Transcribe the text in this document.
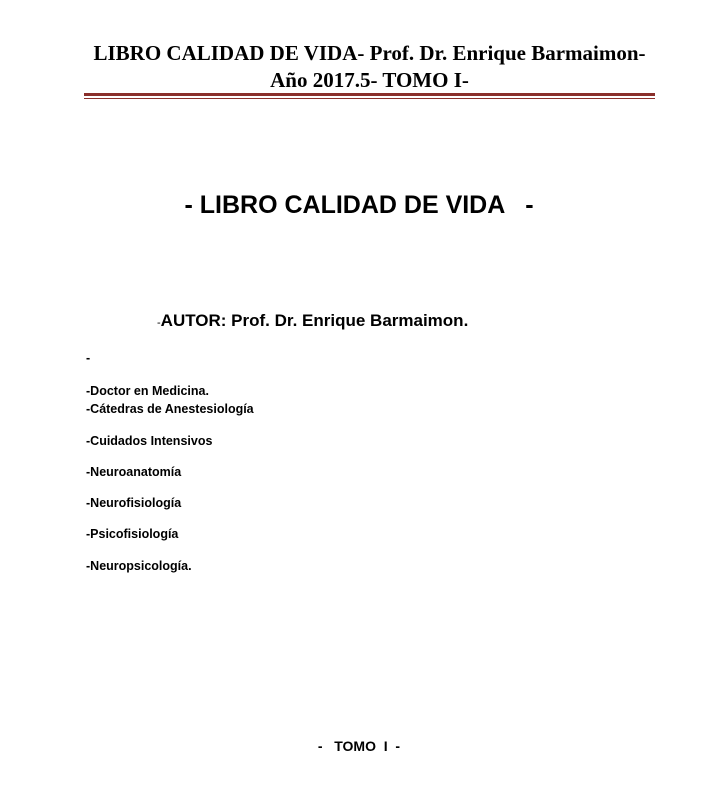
LIBRO CALIDAD DE VIDA- Prof. Dr. Enrique Barmaimon-
Año 2017.5- TOMO I-
- LIBRO CALIDAD DE VIDA   -
-AUTOR: Prof. Dr. Enrique Barmaimon.
-
-Doctor en Medicina.
-Cátedras de Anestesiología
-Cuidados Intensivos
-Neuroanatomía
-Neurofisiología
-Psicofisiología
-Neuropsicología.
-   TOMO  I  -
